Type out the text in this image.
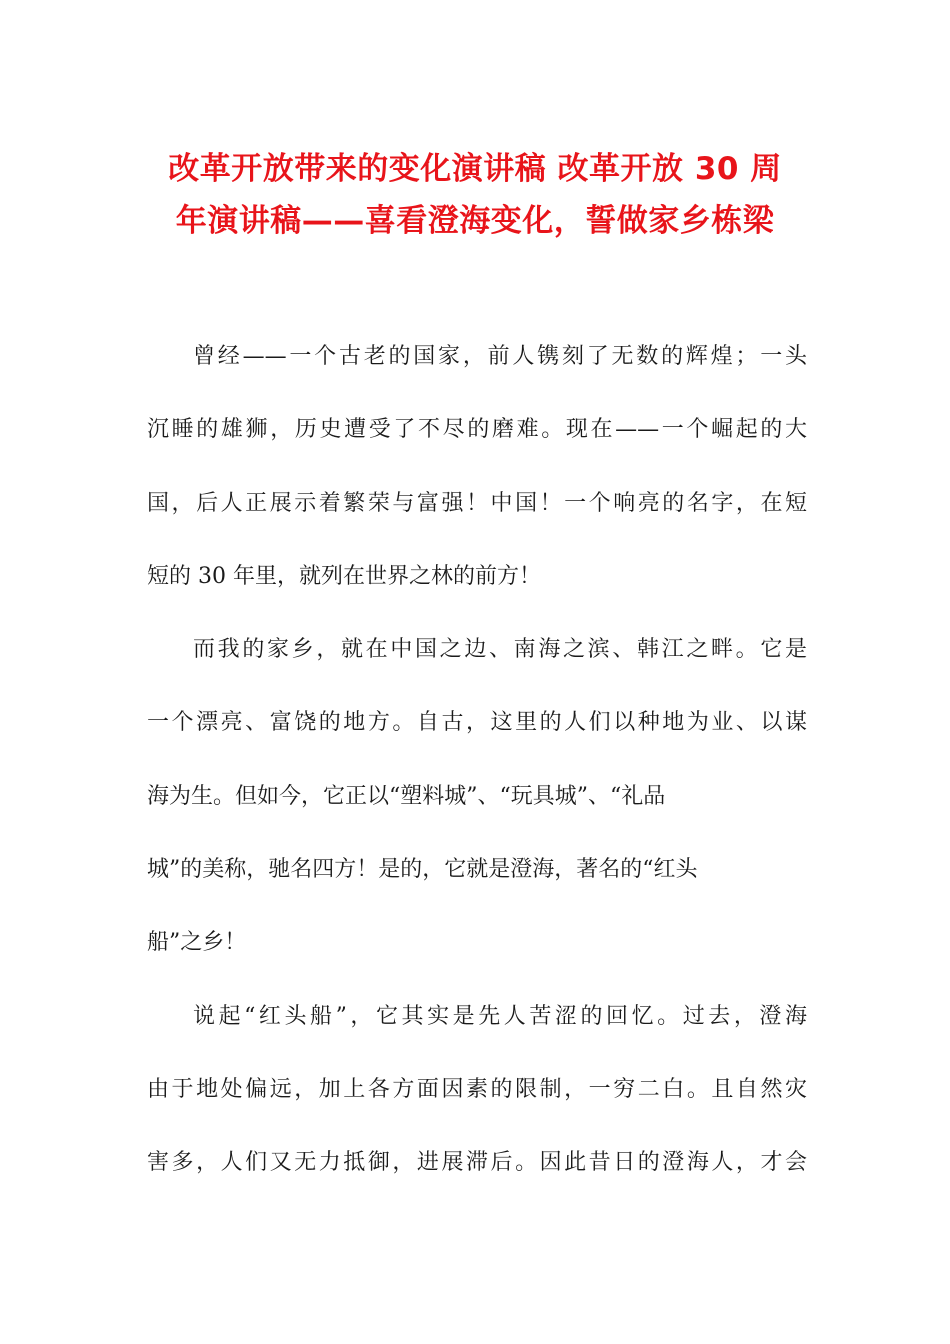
改革开放带来的变化演讲稿 改革开放 30 周
年演讲稿——喜看澄海变化，誓做家乡栋梁
曾经——一个古老的国家，前人镌刻了无数的辉煌；一头
沉睡的雄狮，历史遭受了不尽的磨难。现在——一个崛起的大
国，后人正展示着繁荣与富强！中国！一个响亮的名字，在短
短的 30 年里，就列在世界之林的前方！
而我的家乡，就在中国之边、南海之滨、韩江之畔。它是
一个漂亮、富饶的地方。自古，这里的人们以种地为业、以谋
海为生。但如今，它正以“塑料城”、“玩具城”、“礼品
城”的美称，驰名四方！是的，它就是澄海，著名的“红头
船”之乡！
说起“红头船”，它其实是先人苦涩的回忆。过去，澄海
由于地处偏远，加上各方面因素的限制，一穷二白。且自然灾
害多，人们又无力抵御，进展滞后。因此昔日的澄海人，才会
